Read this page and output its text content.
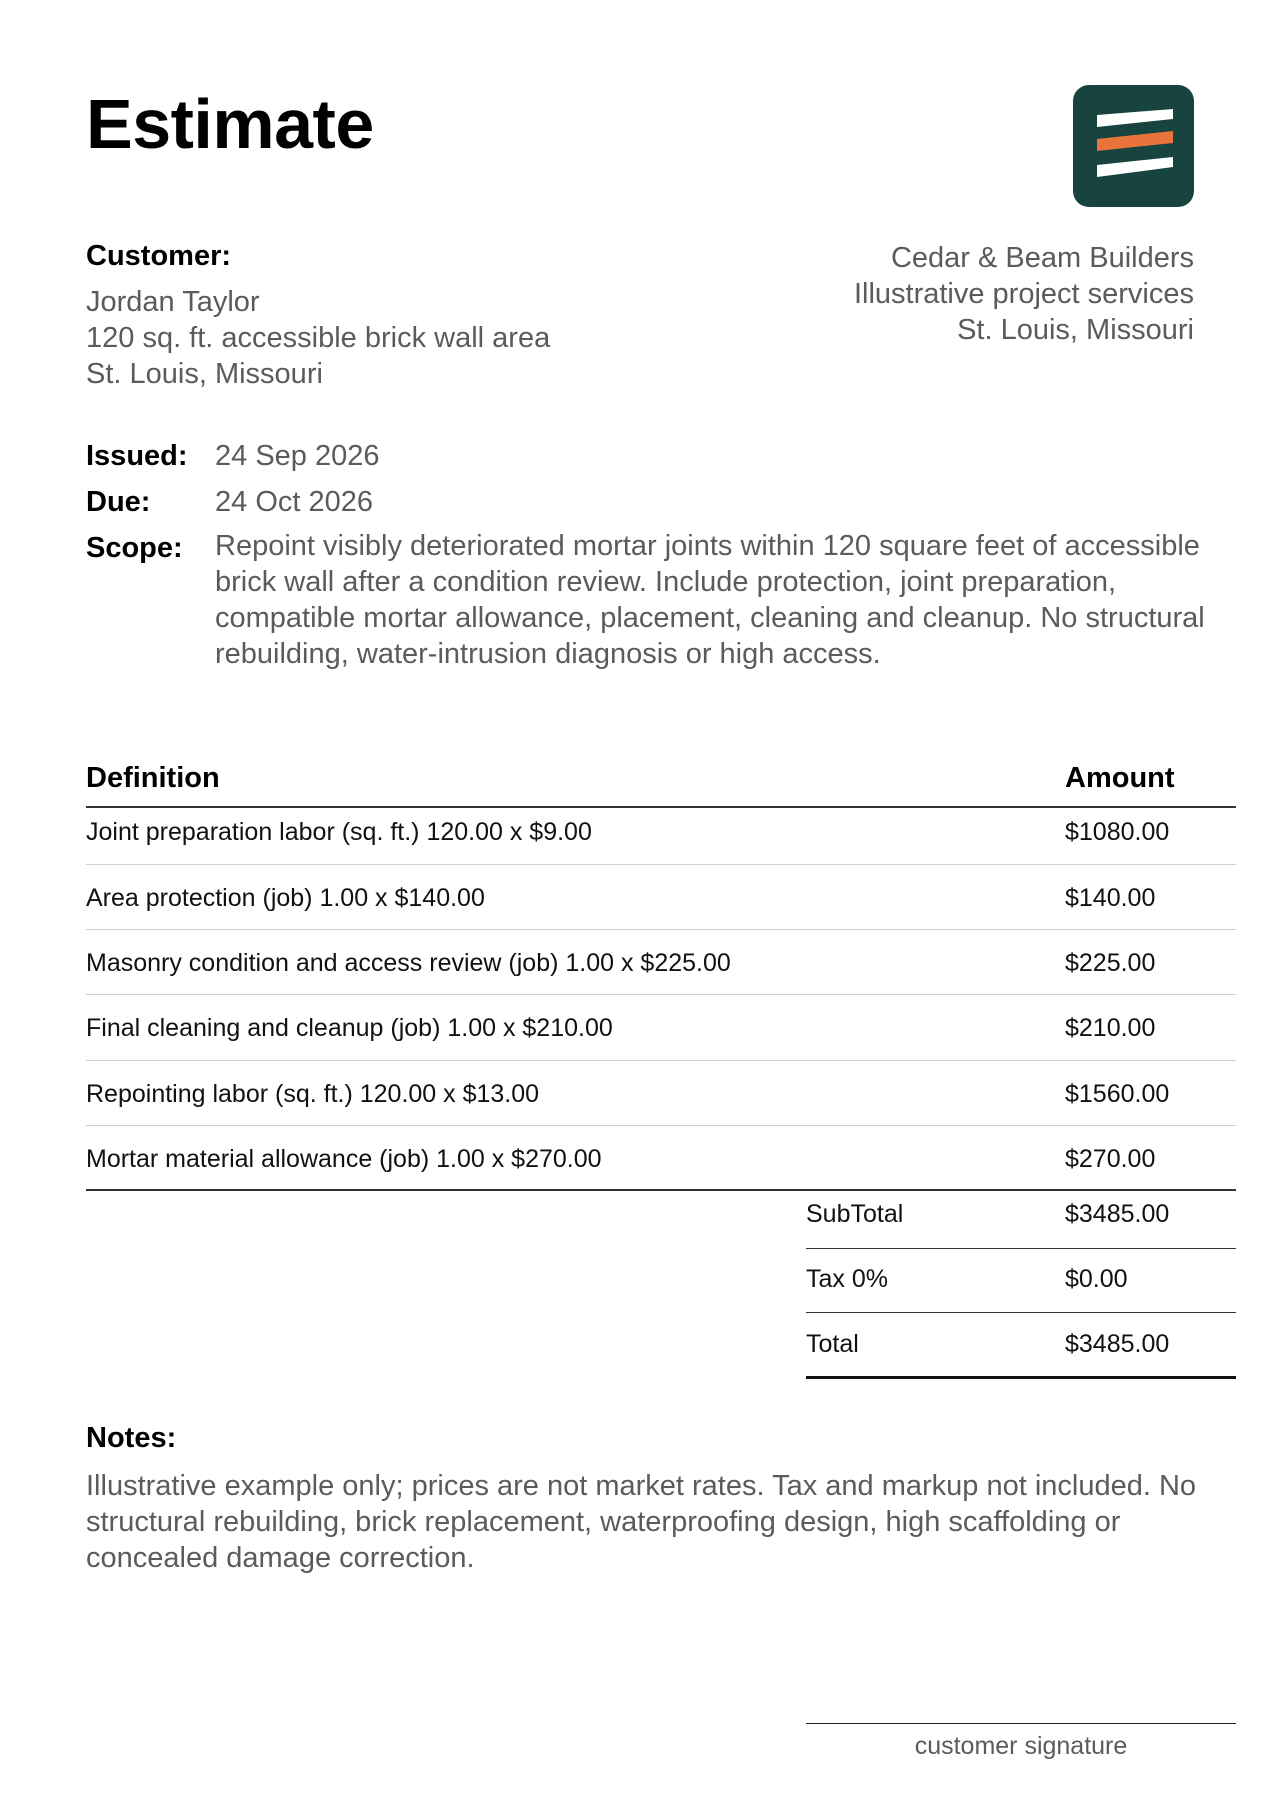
Estimate
Customer:
Jordan Taylor
120 sq. ft. accessible brick wall area
St. Louis, Missouri
Cedar & Beam Builders
Illustrative project services
St. Louis, Missouri
Issued: 24 Sep 2026
Due: 24 Oct 2026
Scope: Repoint visibly deteriorated mortar joints within 120 square feet of accessible brick wall after a condition review. Include protection, joint preparation, compatible mortar allowance, placement, cleaning and cleanup. No structural rebuilding, water-intrusion diagnosis or high access.
Definition	Amount
Joint preparation labor (sq. ft.) 120.00 x $9.00	$1080.00
Area protection (job) 1.00 x $140.00	$140.00
Masonry condition and access review (job) 1.00 x $225.00	$225.00
Final cleaning and cleanup (job) 1.00 x $210.00	$210.00
Repointing labor (sq. ft.) 120.00 x $13.00	$1560.00
Mortar material allowance (job) 1.00 x $270.00	$270.00
SubTotal	$3485.00
Tax 0%	$0.00
Total	$3485.00
Notes:
Illustrative example only; prices are not market rates. Tax and markup not included. No structural rebuilding, brick replacement, waterproofing design, high scaffolding or concealed damage correction.
customer signature
